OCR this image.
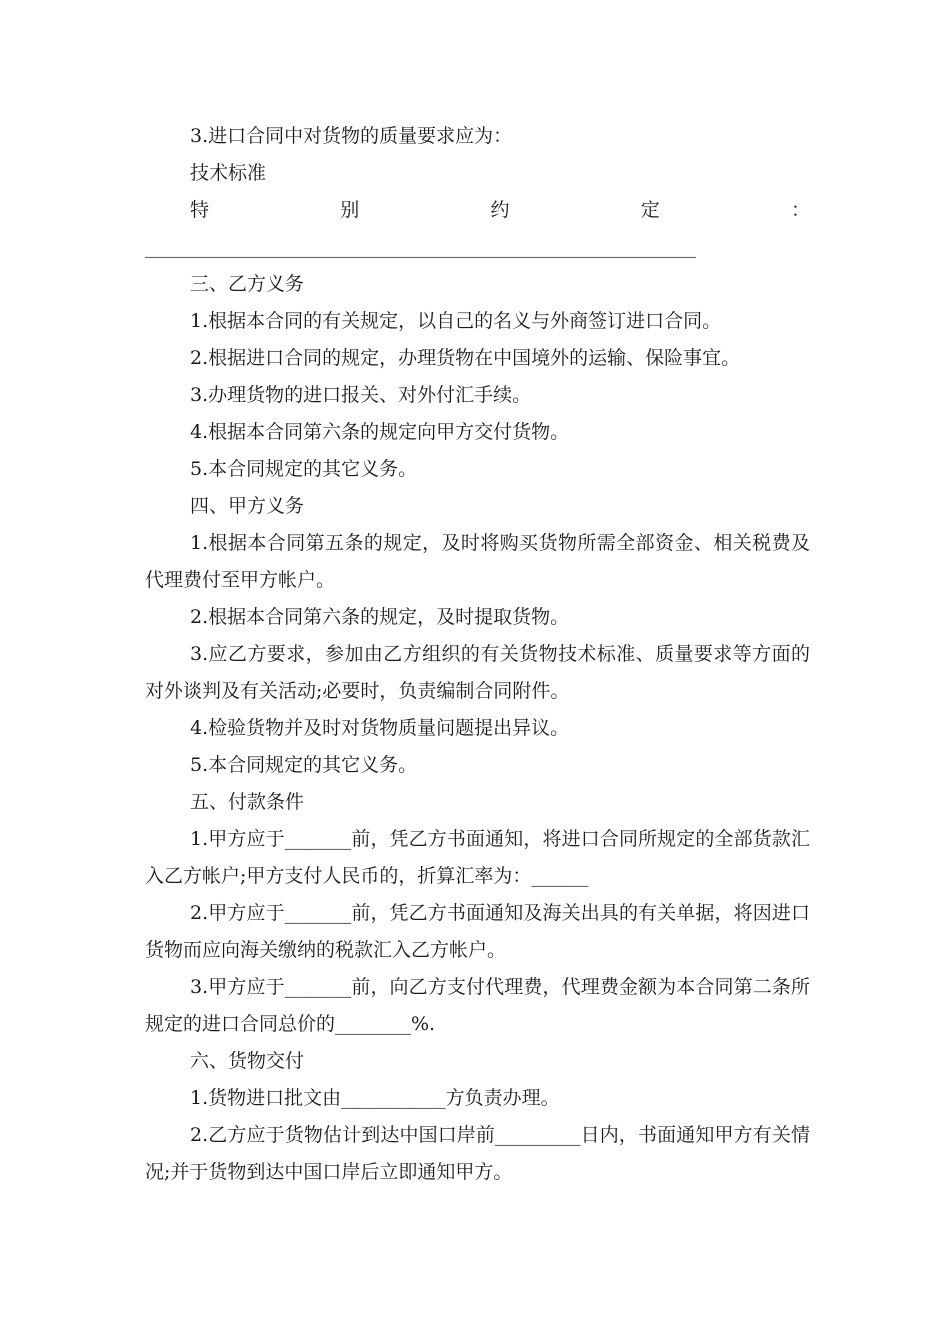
3.进口合同中对货物的质量要求应为：

技术标准

特别约定：__________________________________________________________

三、乙方义务

1.根据本合同的有关规定，以自己的名义与外商签订进口合同。

2.根据进口合同的规定，办理货物在中国境外的运输、保险事宜。

3.办理货物的进口报关、对外付汇手续。

4.根据本合同第六条的规定向甲方交付货物。

5.本合同规定的其它义务。

四、甲方义务

1.根据本合同第五条的规定，及时将购买货物所需全部资金、相关税费及代理费付至甲方帐户。

2.根据本合同第六条的规定，及时提取货物。

3.应乙方要求，参加由乙方组织的有关货物技术标准、质量要求等方面的对外谈判及有关活动;必要时，负责编制合同附件。

4.检验货物并及时对货物质量问题提出异议。

5.本合同规定的其它义务。

五、付款条件

1.甲方应于_______前，凭乙方书面通知，将进口合同所规定的全部货款汇入乙方帐户;甲方支付人民币的，折算汇率为：______

2.甲方应于_______前，凭乙方书面通知及海关出具的有关单据，将因进口货物而应向海关缴纳的税款汇入乙方帐户。

3.甲方应于_______前，向乙方支付代理费，代理费金额为本合同第二条所规定的进口合同总价的________%.

六、货物交付

1.货物进口批文由___________方负责办理。

2.乙方应于货物估计到达中国口岸前_________日内，书面通知甲方有关情况;并于货物到达中国口岸后立即通知甲方。
